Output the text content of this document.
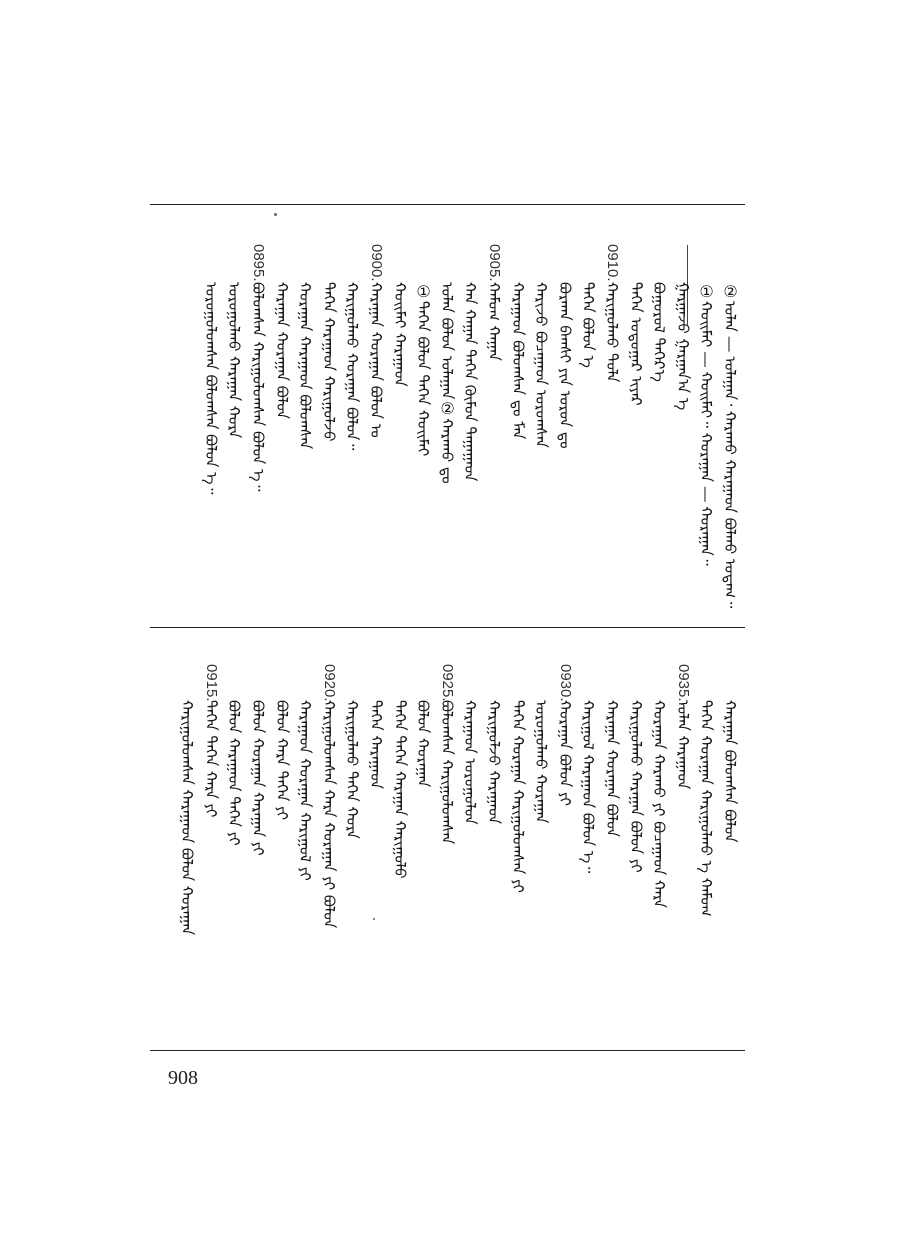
②ᠤᠯᠠᠨ ― ᠤᠯᠠᠭᠠᠨ᠂ ᠬᠠᠷᠠᠬᠤ ᠬᠠᠷᠠᠭᠠᠳ ᠪᠣᠯᠬᠤ ᠤᠳᠠᠭ᠃
①ᠬᠤᠢᠮᠠᠢ ― ᠬᠤᠢᠮᠠᠢ᠃ ᠬᠤᠷᠠᠭᠠᠨ ― ᠬᠤᠷᠠᠭᠠᠨ᠃
ᠭᠠᠷᠭᠠᠵᠤ ᠭᠠᠷᠭᠠᠨ᠎ᠠ ᠡ
ᠪᠣᠭᠤᠷᠤᠯ ᠳᠡᠭᠡᠷ᠎ᠡ
ᠲᠡᠭᠡᠨ ᠤᠳᠤᠭᠠᠷ ᠢᠶᠠᠷ
0910.
ᠬᠠᠷᠢᠭᠤᠯᠬᠤ ᠲᠤᠯᠠ
ᠲᠡᠭᠡᠨ ᠪᠣᠯᠤᠨ ᠡ
ᠪᠤᠷᠬᠠᠨ ᠪᠠᠭᠰᠢ ᠶᠢᠨ ᠤᠷᠤᠨ ᠳᠤ
ᠬᠠᠷᠢᠵᠤ ᠪᠤᠴᠠᠭᠠᠳ ᠤᠷᠤᠭᠰᠠᠨ
ᠬᠠᠷᠠᠭᠠᠳ ᠪᠣᠯᠤᠭᠰᠠᠨ ᠳᠤ ᠮᠠᠨ
0905.
ᠬᠠᠮᠤᠭ ᠬᠠᠭᠠᠨ
ᠬᠠᠨ ᠬᠠᠭᠠᠨ ᠲᠡᠭᠡᠨ ᠬᠦᠮᠦᠨ ᠳᠠᠭᠠᠭᠠᠳ
ᠤᠯᠠᠨ ᠪᠣᠯᠤᠨ ᠤᠯᠠᠭᠠᠨ②ᠬᠠᠷᠠᠬᠤ ᠳᠤ
①ᠲᠡᠭᠡᠨ ᠪᠣᠯᠤᠨ ᠲᠡᠭᠡᠨ ᠬᠤᠢᠮᠠᠢ
ᠬᠤᠢᠮᠠᠢ ᠬᠠᠷᠠᠭᠠᠳ
0900.
ᠬᠠᠷᠠᠭᠠᠨ ᠬᠤᠷᠠᠭᠠᠨ ᠪᠣᠯᠤᠨ ᠤ
ᠬᠠᠷᠢᠭᠤᠯᠬᠤ ᠬᠤᠷᠠᠭᠠᠨ ᠪᠣᠯᠤᠨ᠃
ᠲᠡᠭᠡᠨ ᠬᠠᠷᠠᠭᠠᠳ ᠬᠠᠷᠢᠭᠤᠯᠵᠤ
ᠬᠤᠷᠠᠭᠠᠨ ᠬᠠᠷᠠᠭᠠᠳ ᠪᠣᠯᠤᠭᠰᠠᠨ
ᠬᠠᠷᠠᠭᠠᠨ ᠬᠤᠷᠠᠭᠠᠨ ᠪᠣᠯᠤᠨ
0895.
ᠪᠣᠯᠤᠭᠰᠠᠨ ᠬᠠᠷᠢᠭᠤᠯᠤᠭᠰᠠᠨ ᠪᠣᠯᠤᠨ ᠡ᠃
ᠤᠷᠤᠭᠤᠯᠬᠤ ᠬᠠᠷᠠᠭᠠᠨ ᠬᠤᠷᠠ
ᠤᠷᠤᠭᠤᠯᠤᠭᠰᠠᠨ ᠪᠣᠯᠤᠭᠰᠠᠨ ᠪᠣᠯᠤᠨ ᠡ᠃
ᠬᠠᠷᠠᠭᠠᠨ ᠪᠣᠯᠤᠭᠰᠠᠨ ᠪᠣᠯᠤᠨ
ᠲᠡᠭᠡᠨ ᠬᠤᠷᠠᠭᠠᠨ ᠬᠠᠷᠢᠭᠤᠯᠬᠤ ᠡ ᠬᠠᠮᠤᠭ
0935.
ᠤᠯᠠᠨ ᠬᠠᠷᠠᠭᠠᠳ
ᠬᠤᠷᠠᠭᠠᠨ ᠬᠠᠷᠠᠬᠤ ᠶᠢ ᠪᠤᠴᠠᠭᠠᠳ ᠬᠠᠷᠠ
ᠬᠠᠷᠢᠭᠤᠯᠬᠤ ᠬᠠᠷᠠᠭᠠᠨ ᠪᠣᠯᠤᠨ ᠶᠢ
ᠬᠠᠷᠠᠭᠠᠨ ᠬᠤᠷᠠᠭᠠᠨ ᠪᠣᠯᠤᠨ
ᠬᠠᠷᠢᠭᠤᠯ ᠬᠠᠷᠠᠭᠠᠳ ᠪᠣᠯᠤᠨ ᠡ᠃
0930.
ᠬᠤᠷᠠᠭᠠᠨ ᠪᠣᠯᠤᠨ ᠶᠢ
ᠤᠷᠤᠭᠤᠯᠬᠤ ᠬᠤᠷᠠᠭᠠᠨ
ᠲᠡᠭᠡᠨ ᠬᠤᠷᠠᠭᠠᠨ ᠬᠠᠷᠢᠭᠤᠯᠤᠭᠰᠠᠨ ᠶᠢ
ᠬᠠᠷᠢᠭᠤᠯᠵᠤ ᠬᠠᠷᠠᠭᠠᠳ
ᠬᠠᠷᠠᠭᠠᠳ ᠤᠷᠤᠭᠤᠯᠤᠨ
0925.
ᠪᠣᠯᠤᠭᠰᠠᠨ ᠬᠠᠷᠢᠭᠤᠯᠤᠭᠰᠠᠨ
ᠪᠣᠯᠤᠨ ᠬᠤᠷᠠᠭᠠᠨ
ᠲᠡᠭᠡᠨ ᠲᠡᠭᠡᠨ ᠬᠠᠷᠠᠭᠠᠨ ᠬᠠᠷᠢᠭᠤᠯᠤ
ᠲᠡᠭᠡᠨ ᠬᠠᠷᠠᠭᠠᠳ
ᠬᠠᠷᠢᠭᠤᠯᠬᠤ ᠲᠡᠭᠡᠨ ᠬᠤᠷᠠ
0920.
ᠬᠠᠷᠢᠭᠤᠯᠤᠭᠰᠠᠨ ᠬᠠᠷᠠ ᠬᠤᠷᠠᠭᠠᠨ ᠶᠢ ᠪᠣᠯᠤᠨ
ᠬᠠᠷᠠᠭᠠᠳ ᠬᠤᠷᠠᠭᠠᠨ ᠬᠠᠷᠢᠭᠤᠯ ᠶᠢ
ᠪᠣᠯᠤᠨ ᠬᠠᠷᠠ ᠲᠡᠭᠡᠨ ᠶᠢ
ᠪᠣᠯᠤᠨ ᠬᠤᠷᠠᠭᠠᠨ ᠬᠠᠷᠠᠭᠠᠨ ᠶᠢ
ᠪᠣᠯᠤᠨ ᠬᠠᠷᠠᠭᠠᠳ ᠲᠡᠭᠡᠨ ᠶᠢ
0915.
ᠲᠡᠭᠡᠨ ᠲᠡᠭᠡᠨ ᠬᠠᠷᠠ ᠶᠢ
ᠬᠠᠷᠢᠭᠤᠯᠤᠭᠰᠠᠨ ᠬᠠᠷᠠᠭᠠᠳ ᠪᠣᠯᠤᠨ ᠬᠤᠷᠠᠭᠠᠨ
908
